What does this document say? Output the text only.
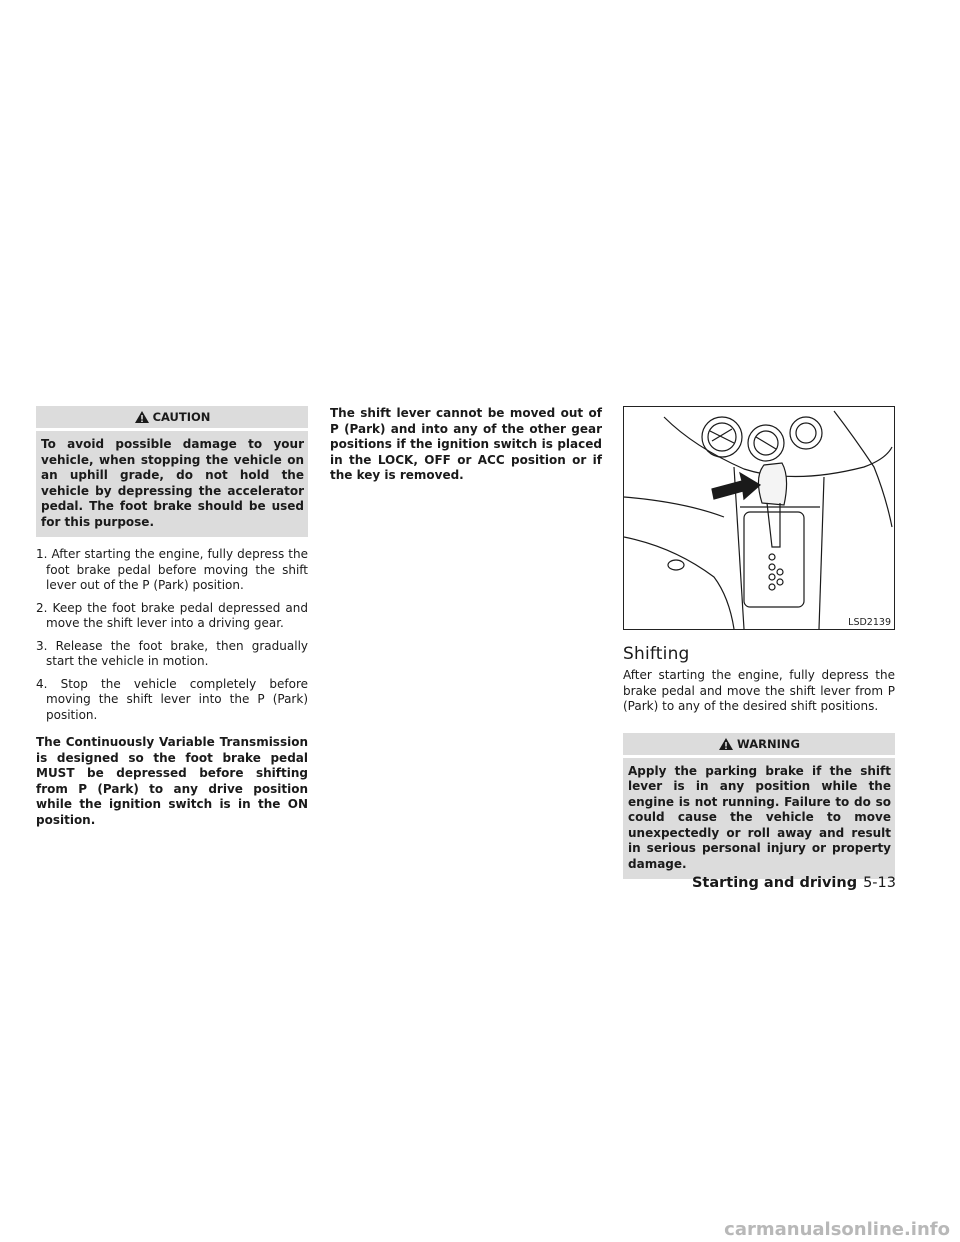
CAUTION
To avoid possible damage to your vehicle, when stopping the vehicle on an uphill grade, do not hold the vehicle by depressing the accelerator pedal. The foot brake should be used for this purpose.
1. After starting the engine, fully depress the foot brake pedal before moving the shift lever out of the P (Park) position.
2. Keep the foot brake pedal depressed and move the shift lever into a driving gear.
3. Release the foot brake, then gradually start the vehicle in motion.
4. Stop the vehicle completely before moving the shift lever into the P (Park) position.

The Continuously Variable Transmission is designed so the foot brake pedal MUST be depressed before shifting from P (Park) to any drive position while the ignition switch is in the ON position.

The shift lever cannot be moved out of P (Park) and into any of the other gear positions if the ignition switch is placed in the LOCK, OFF or ACC position or if the key is removed.

LSD2139
Shifting

After starting the engine, fully depress the brake pedal and move the shift lever from P (Park) to any of the desired shift positions.

WARNING
Apply the parking brake if the shift lever is in any position while the engine is not running. Failure to do so could cause the vehicle to move unexpectedly or roll away and result in serious personal injury or property damage.
Starting and driving 5-13
carmanualsonline.info
